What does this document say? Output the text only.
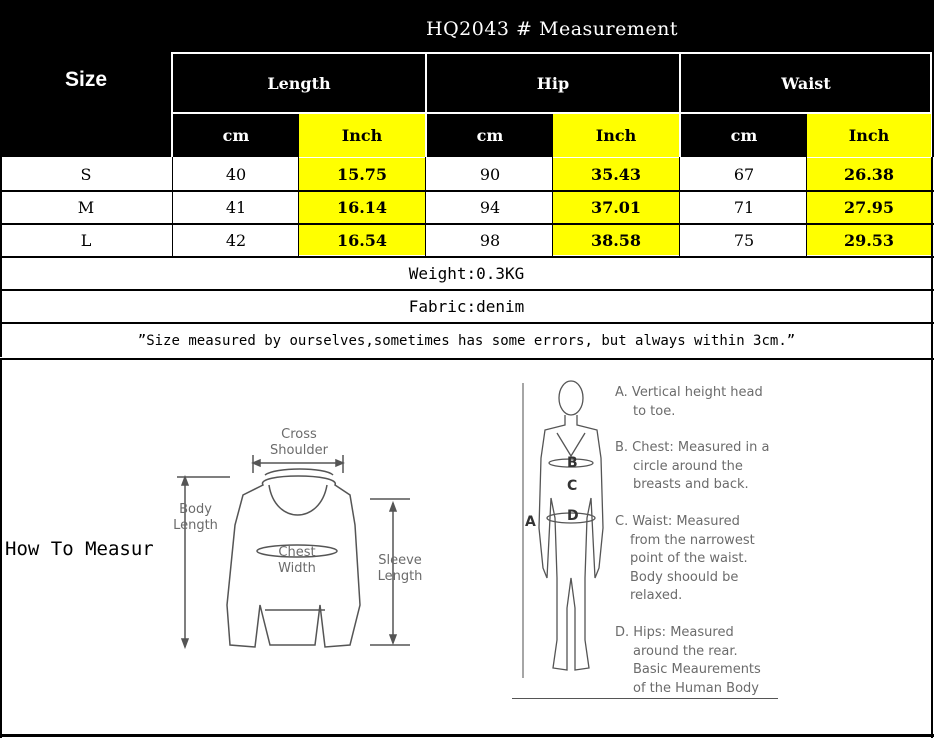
HQ2043 # Measurement
Size	Length	Hip	Waist
cm	Inch	cm	Inch	cm	Inch
S	40	15.75	90	35.43	67	26.38
M	41	16.14	94	37.01	71	27.95
L	42	16.54	98	38.58	75	29.53
Weight:0.3KG
Fabric:denim
”Size measured by ourselves,sometimes has some errors, but always within 3cm.”
How To Measur
Cross
Shoulder
Body
Length
Chest
Width
Sleeve
Length
A
B
C
D
A. Vertical height head
to toe.
B. Chest: Measured in a
circle around the
breasts and back.
C. Waist: Measured
from the narrowest
point of the waist.
Body shoould be
relaxed.
D. Hips: Measured
around the rear.
Basic Meaurements
of the Human Body
